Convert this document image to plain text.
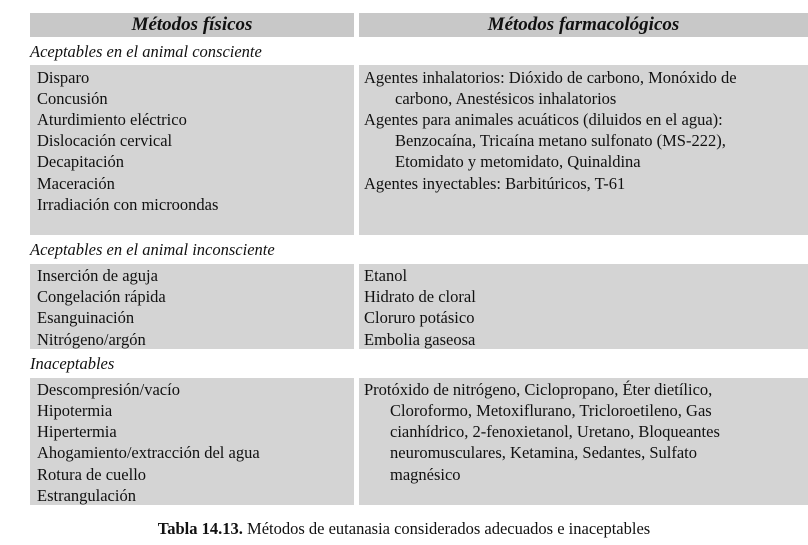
Métodos físicos	Métodos farmacológicos
Aceptables en el animal consciente
Disparo
Concusión
Aturdimiento eléctrico
Dislocación cervical
Decapitación
Maceración
Irradiación con microondas
Agentes inhalatorios: Dióxido de carbono, Monóxido de
carbono, Anestésicos inhalatorios
Agentes para animales acuáticos (diluidos en el agua):
Benzocaína, Tricaína metano sulfonato (MS-222),
Etomidato y metomidato, Quinaldina
Agentes inyectables: Barbitúricos, T-61
Aceptables en el animal inconsciente
Inserción de aguja
Congelación rápida
Esanguinación
Nitrógeno/argón
Etanol
Hidrato de cloral
Cloruro potásico
Embolia gaseosa
Inaceptables
Descompresión/vacío
Hipotermia
Hipertermia
Ahogamiento/extracción del agua
Rotura de cuello
Estrangulación
Protóxido de nitrógeno, Ciclopropano, Éter dietílico,
Cloroformo, Metoxiflurano, Tricloroetileno, Gas
cianhídrico, 2-fenoxietanol, Uretano, Bloqueantes
neuromusculares, Ketamina, Sedantes, Sulfato
magnésico
Tabla 14.13. Métodos de eutanasia considerados adecuados e inaceptables
